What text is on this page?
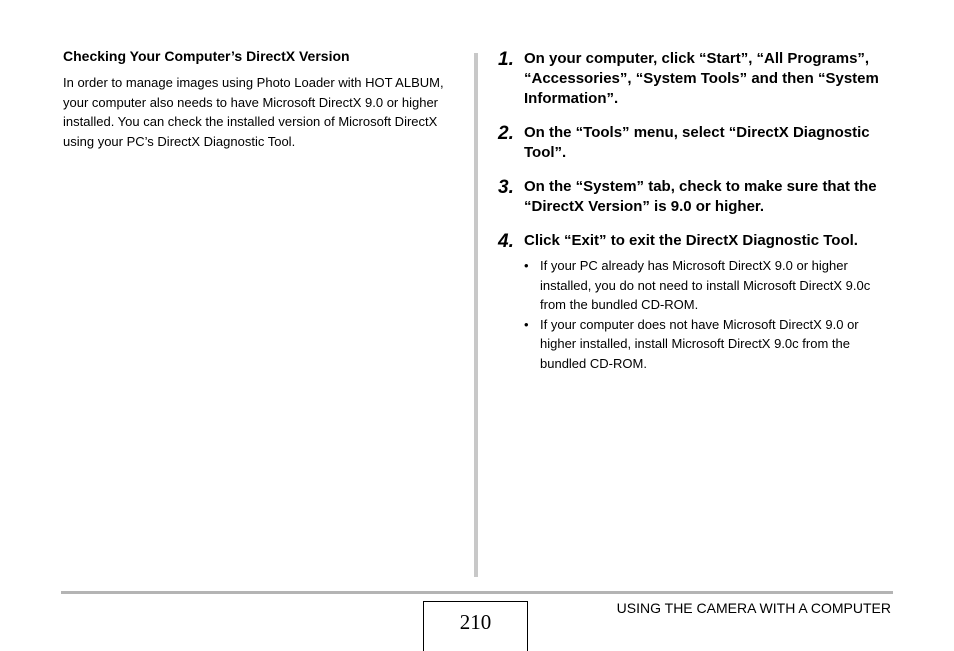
Checking Your Computer’s DirectX Version

In order to manage images using Photo Loader with HOT ALBUM, your computer also needs to have Microsoft DirectX 9.0 or higher installed. You can check the installed version of Microsoft DirectX using your PC’s DirectX Diagnostic Tool.

1. On your computer, click “Start”, “All Programs”, “Accessories”, “System Tools” and then “System Information”.
2. On the “Tools” menu, select “DirectX Diagnostic Tool”.
3. On the “System” tab, check to make sure that the “DirectX Version” is 9.0 or higher.
4. Click “Exit” to exit the DirectX Diagnostic Tool.
• If your PC already has Microsoft DirectX 9.0 or higher installed, you do not need to install Microsoft DirectX 9.0c from the bundled CD-ROM.
• If your computer does not have Microsoft DirectX 9.0 or higher installed, install Microsoft DirectX 9.0c from the bundled CD-ROM.
210
USING THE CAMERA WITH A COMPUTER
